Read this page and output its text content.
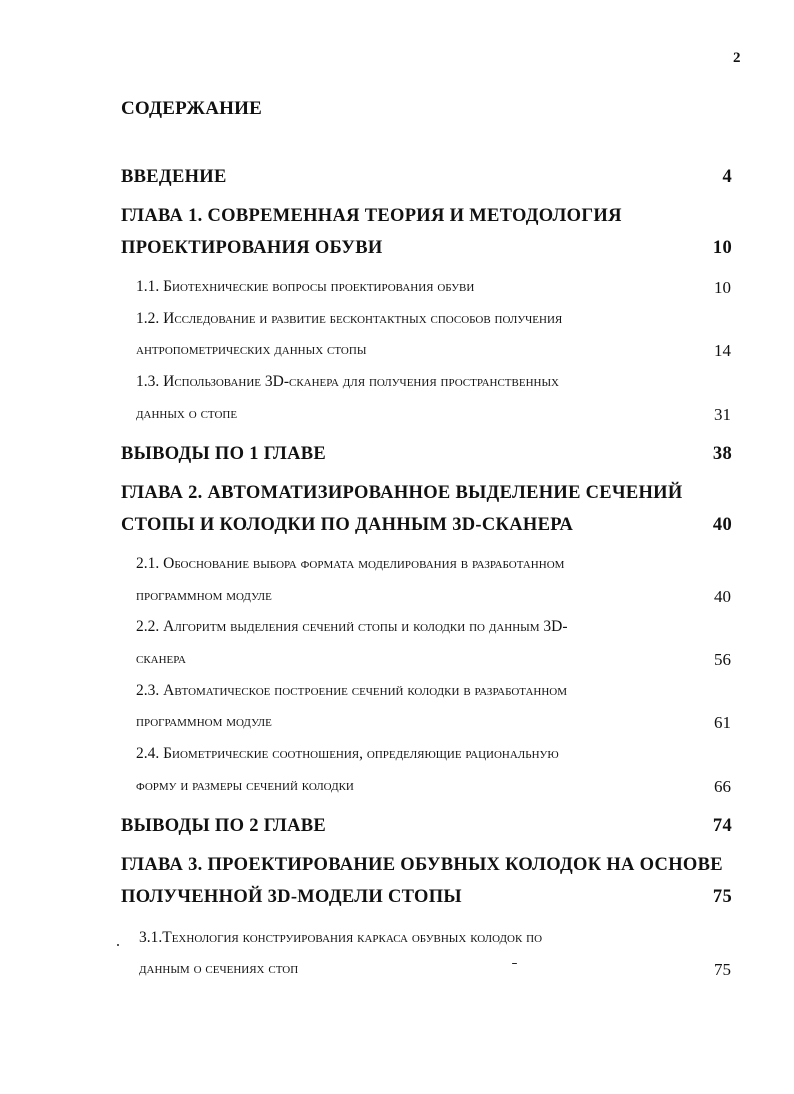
2
СОДЕРЖАНИЕ
ВВЕДЕНИЕ	4
ГЛАВА 1. СОВРЕМЕННАЯ ТЕОРИЯ И МЕТОДОЛОГИЯ
ПРОЕКТИРОВАНИЯ ОБУВИ	10
1.1. Биотехнические вопросы проектирования обуви	10
1.2. Исследование и развитие бесконтактных способов получения
антропометрических данных стопы	14
1.3. Использование 3D-сканера для получения пространственных
данных о стопе	31
ВЫВОДЫ ПО 1 ГЛАВЕ	38
ГЛАВА 2. АВТОМАТИЗИРОВАННОЕ ВЫДЕЛЕНИЕ СЕЧЕНИЙ
СТОПЫ И КОЛОДКИ ПО ДАННЫМ 3D-СКАНЕРА	40
2.1. Обоснование выбора формата моделирования в разработанном
программном модуле	40
2.2. Алгоритм выделения сечений стопы и колодки по данным 3D-
сканера	56
2.3. Автоматическое построение сечений колодки в разработанном
программном модуле	61
2.4. Биометрические соотношения, определяющие рациональную
форму и размеры сечений колодки	66
ВЫВОДЫ ПО 2 ГЛАВЕ	74
ГЛАВА 3. ПРОЕКТИРОВАНИЕ ОБУВНЫХ КОЛОДОК НА ОСНОВЕ
ПОЛУЧЕННОЙ 3D-МОДЕЛИ СТОПЫ	75
3.1.Технология конструирования каркаса обувных колодок по
данным о сечениях стоп	75
